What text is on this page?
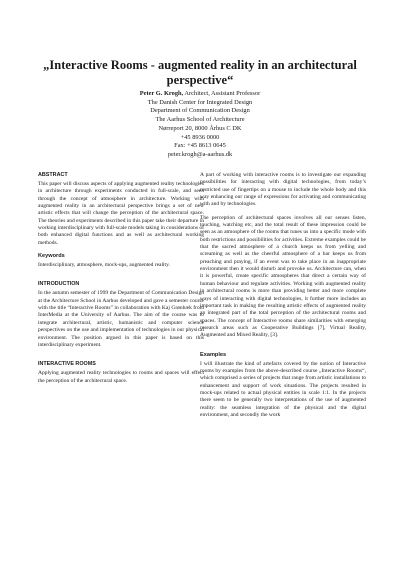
„Interactive Rooms - augmented reality in an architectural perspective“
Peter G. Krogh, Architect, Assistant Professor
The Danish Center for Integrated Design
Department of Communication Design
The Aarhus School of Architecture
Nørreport 20, 8000 Århus C DK
+45 8936 0000
Fax: +45 8613 0645
peter.krogh@a-aarhus.dk
ABSTRACT

This paper will discuss aspects of applying augmented reality technologies in architecture through experiments conducted in full-scale, and seen through the concept of atmosphere in architecture. Working with augmented reality in an architectural perspective brings a set of new artistic effects that will change the perception of the architectural space. The theories and experiments described in this paper take their departure in working interdisciplinary with full-scale models taking in considerations of both enhanced digital functions and as well as architectural working methods.

Keywords

Interdisciplinary, atmosphere, mock-ups, augmented reality.

INTRODUCTION

In the autumn semester of 1999 the Department of Communication Design at the Architecture School in Aarhus developed and gave a semester course with the title “Interactive Rooms” in collaboration with Kaj Grønbæk from InterMedia at the University of Aarhus. The aim of the course was to integrate architectural, artistic, humanistic and computer science perspectives on the use and implementation of technologies in our physical environment. The position argued in this paper is based on this interdisciplinary experiment.

INTERACTIVE ROOMS

Applying augmented reality technologies to rooms and spaces will effect the perception of the architectural space.

A part of working with interactive rooms is to investigate our expanding possibilities for interacting with digital technologies, from today’s restricted use of fingertips on a mouse to include the whole body and this way enhancing our range of expressions for activating and communicating with and by technologies.

The perception of architectural spaces involves all our senses listen, touching, watching etc, and the total result of these impression could be seen as an atmosphere of the rooms that tunes us into a specific mode with both restrictions and possibilities for activities. Extreme examples could be that the sacred atmosphere of a church keeps us from yelling and screaming as well as the cheerful atmosphere of a bar keeps us from preaching and praying, if an event was to take place in an inappropriate environment then it would disturb and provoke us. Architecture can, when it is powerful, create specific atmospheres that direct a certain way of human behaviour and regulate activities. Working with augmented reality in architectural rooms is more than providing better and more complete ways of interacting with digital technologies, it further more includes an important task in making the resulting artistic effects of augmented reality an integrated part of the total perception of the architectural rooms and spaces. The concept of Interactive rooms share similarities with emerging research areas such as Cooperative Buildings [7], Virtual Reality, Augmented and Mixed Reality, [3].

Examples

I will illustrate the kind of artefacts covered by the notion of Interactive rooms by examples from the above-described course „Interactive Rooms“, which comprised a series of projects that range from artistic installations to enhancement and support of work situations. The projects resulted in mock-ups related to actual physical entities in scale 1:1. In the projects there seem to be generally two interpretations of the use of augmented reality: the seamless integration of the physical and the digital environment, and secondly the work
